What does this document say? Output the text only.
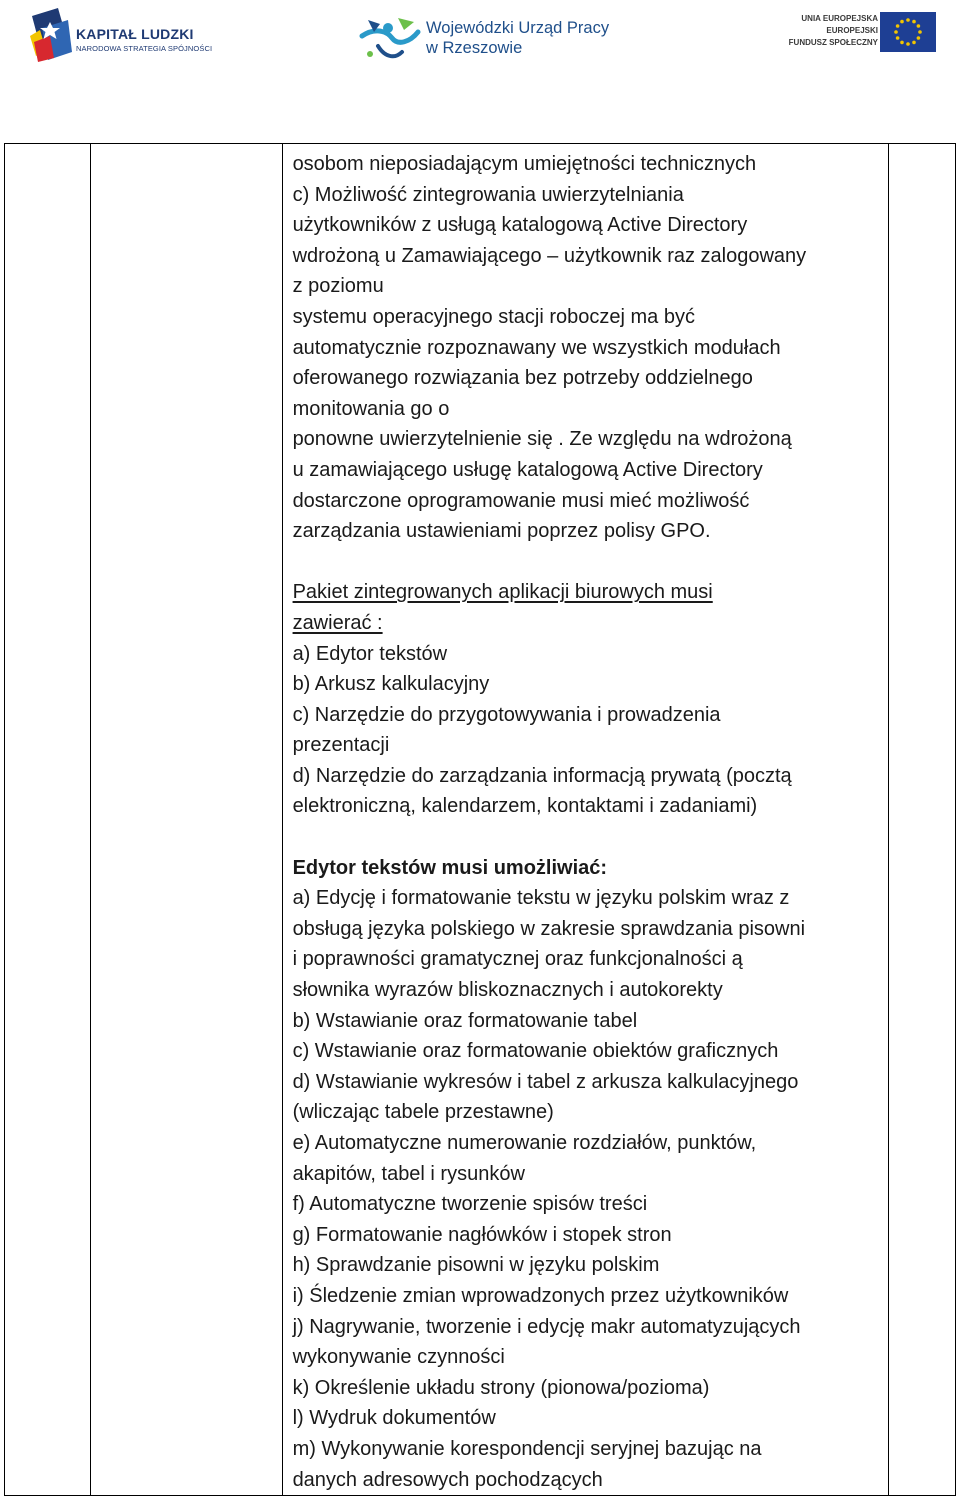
KAPITAŁ LUDZKI
NARODOWA STRATEGIA SPÓJNOŚCI
Wojewódzki Urząd Pracy
w Rzeszowie
UNIA EUROPEJSKA
EUROPEJSKI
FUNDUSZ SPOŁECZNY

osobom nieposiadającym umiejętności technicznych

c) Możliwość zintegrowania uwierzytelniania

użytkowników z usługą katalogową Active Directory

wdrożoną u Zamawiającego – użytkownik raz zalogowany

z poziomu

systemu operacyjnego stacji roboczej ma być

automatycznie rozpoznawany we wszystkich modułach

oferowanego rozwiązania bez potrzeby oddzielnego

monitowania go o

ponowne uwierzytelnienie się . Ze względu na wdrożoną

u zamawiającego usługę katalogową Active Directory

dostarczone oprogramowanie musi mieć możliwość

zarządzania ustawieniami poprzez polisy GPO.

Pakiet zintegrowanych aplikacji biurowych musi

zawierać :

a) Edytor tekstów

b) Arkusz kalkulacyjny

c) Narzędzie do przygotowywania i prowadzenia

prezentacji

d) Narzędzie do zarządzania informacją prywatą (pocztą

elektroniczną, kalendarzem, kontaktami i zadaniami)

Edytor tekstów musi umożliwiać:

a) Edycję i formatowanie tekstu w języku polskim wraz z

obsługą języka polskiego w zakresie sprawdzania pisowni

i poprawności gramatycznej oraz funkcjonalności ą

słownika wyrazów bliskoznacznych i autokorekty

b) Wstawianie oraz formatowanie tabel

c) Wstawianie oraz formatowanie obiektów graficznych

d) Wstawianie wykresów i tabel z arkusza kalkulacyjnego

(wliczając tabele przestawne)

e) Automatyczne numerowanie rozdziałów, punktów,

akapitów, tabel i rysunków

f) Automatyczne tworzenie spisów treści

g) Formatowanie nagłówków i stopek stron

h) Sprawdzanie pisowni w języku polskim

i) Śledzenie zmian wprowadzonych przez użytkowników

j) Nagrywanie, tworzenie i edycję makr automatyzujących

wykonywanie czynności

k) Określenie układu strony (pionowa/pozioma)

l) Wydruk dokumentów

m) Wykonywanie korespondencji seryjnej bazując na

danych adresowych pochodzących
